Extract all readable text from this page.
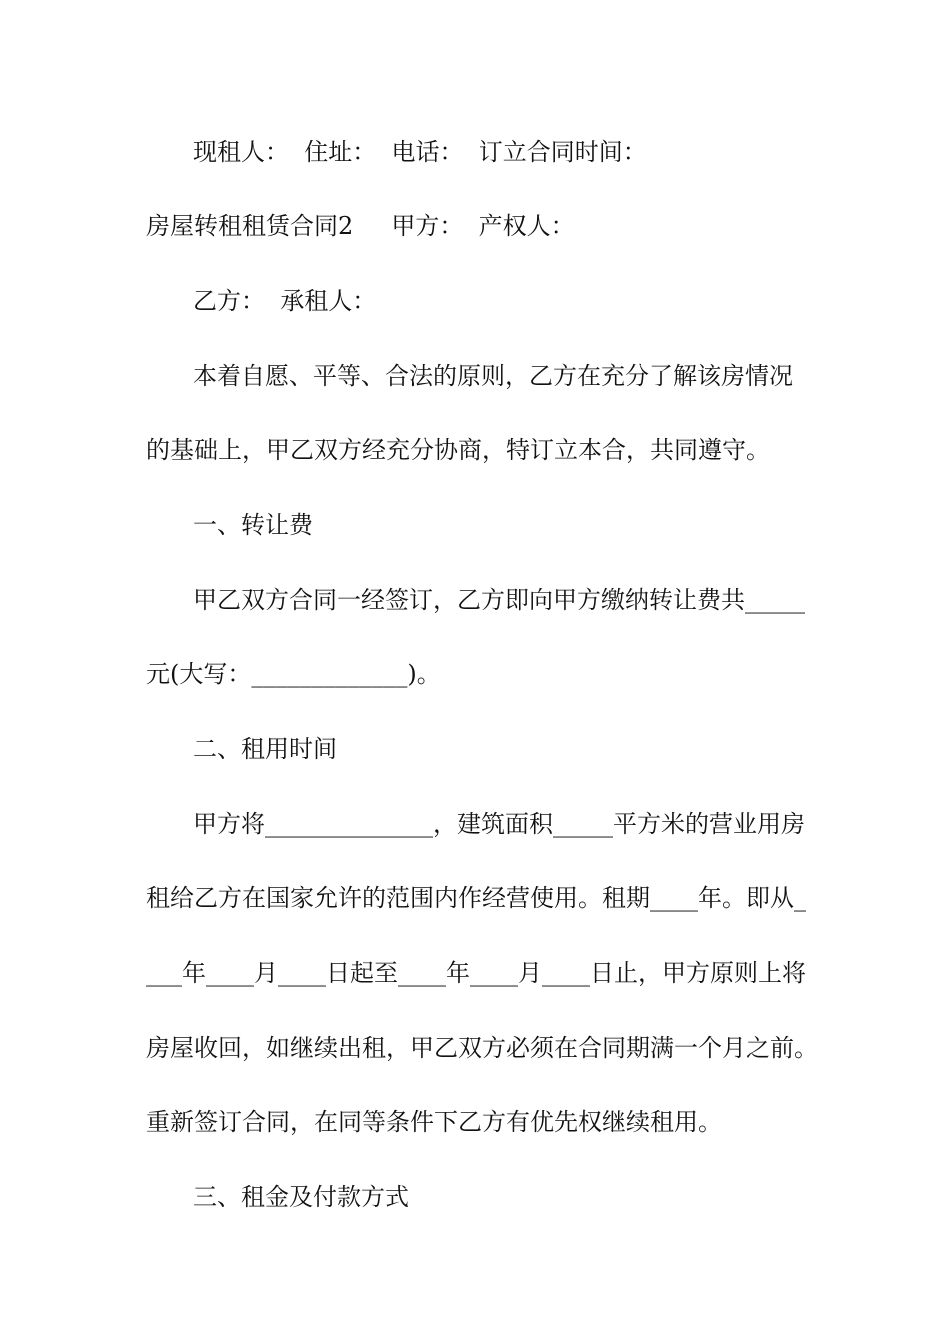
现租人：  住址：  电话：  订立合同时间：
房屋转租租赁合同2     甲方：  产权人：
乙方：  承租人：
本着自愿、平等、合法的原则，乙方在充分了解该房情况
的基础上，甲乙双方经充分协商，特订立本合，共同遵守。
一、转让费
甲乙双方合同一经签订，乙方即向甲方缴纳转让费共_____
元(大写：_____________)。
二、租用时间
甲方将______________，建筑面积_____平方米的营业用房
租给乙方在国家允许的范围内作经营使用。租期____年。即从_
___年____月____日起至____年____月____日止，甲方原则上将
房屋收回，如继续出租，甲乙双方必须在合同期满一个月之前。
重新签订合同，在同等条件下乙方有优先权继续租用。
三、租金及付款方式
